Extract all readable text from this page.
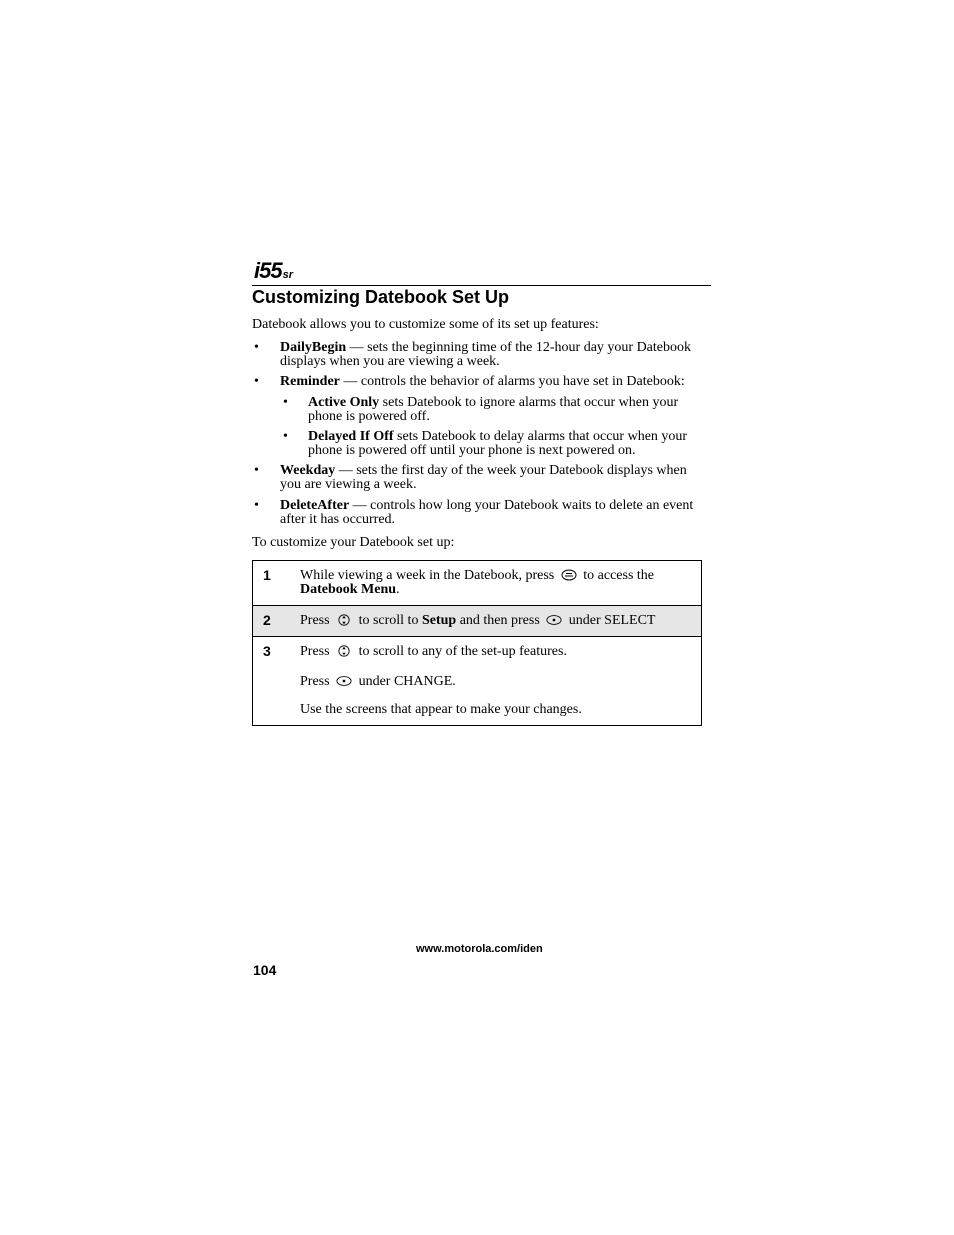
i55sr
Customizing Datebook Set Up

Datebook allows you to customize some of its set up features:

• DailyBegin — sets the beginning time of the 12-hour day your Datebook displays when you are viewing a week.
• Reminder — controls the behavior of alarms you have set in Datebook:
• Active Only sets Datebook to ignore alarms that occur when your phone is powered off.
• Delayed If Off sets Datebook to delay alarms that occur when your phone is powered off until your phone is next powered on.
• Weekday — sets the first day of the week your Datebook displays when you are viewing a week.
• DeleteAfter — controls how long your Datebook waits to delete an event after it has occurred.

To customize your Datebook set up:

1	While viewing a week in the Datebook, press to access the
Datebook Menu.
2	Press to scroll to Setup and then press under SELECT
3	Press to scroll to any of the set-up features.
Press under CHANGE.
Use the screens that appear to make your changes.
www.motorola.com/iden
104
